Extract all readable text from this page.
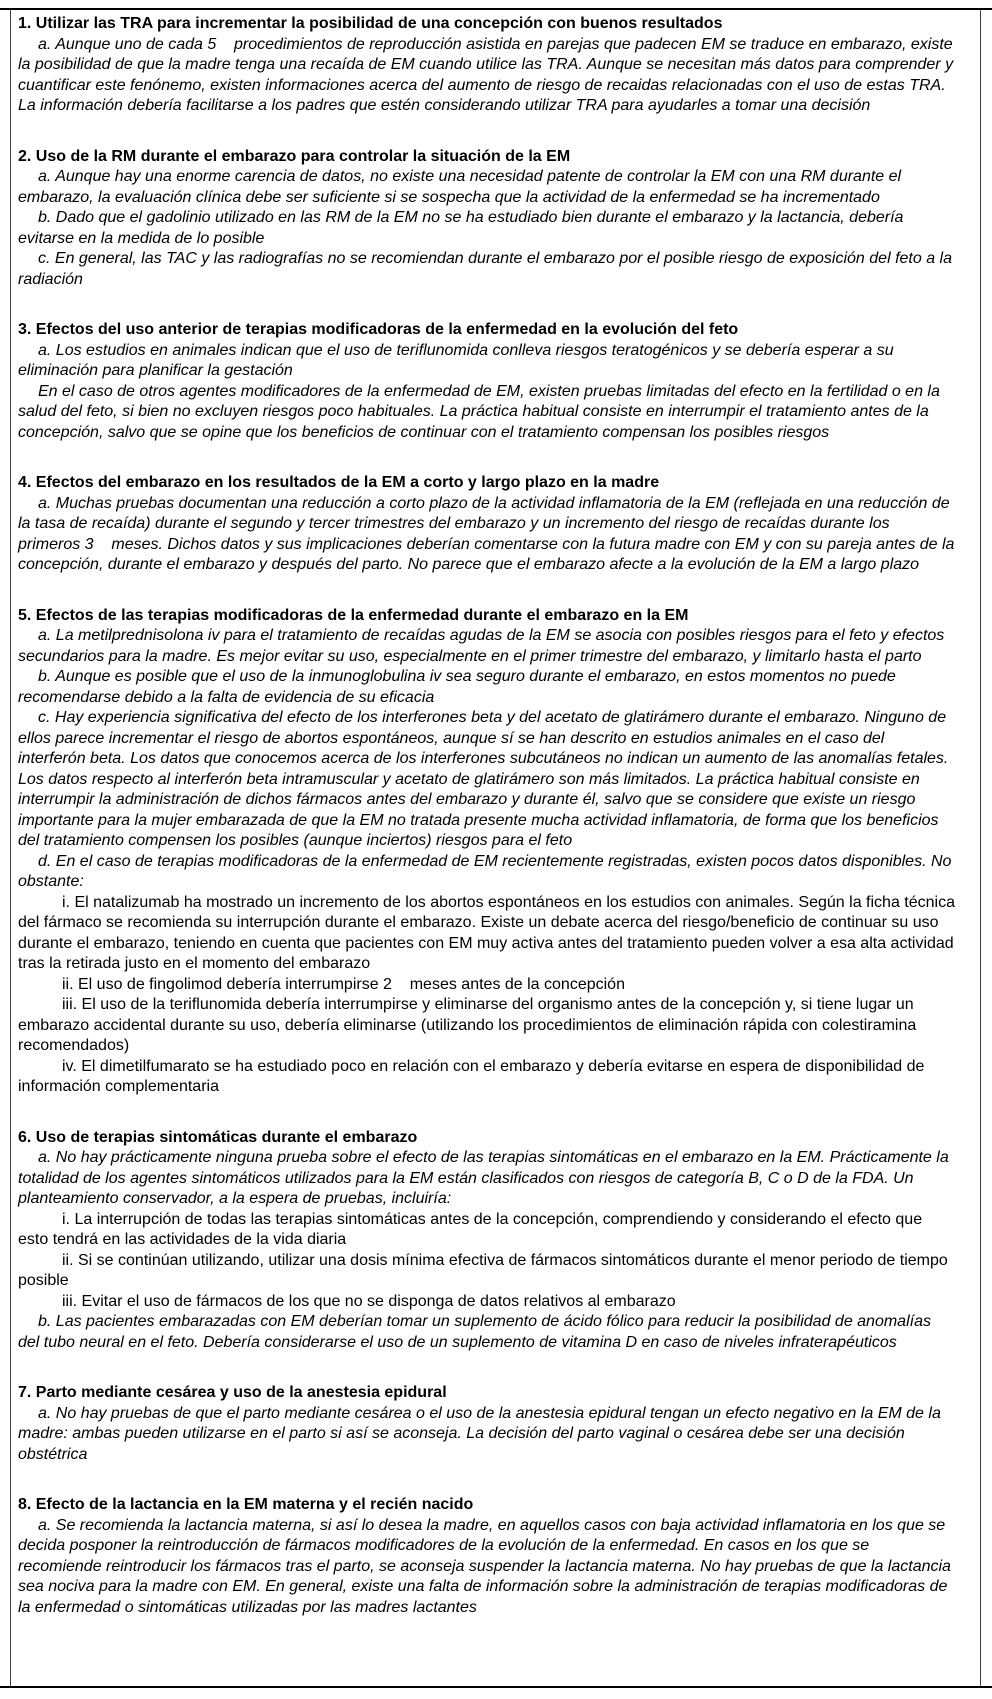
1. Utilizar las TRA para incrementar la posibilidad de una concepción con buenos resultados

a. Aunque uno de cada 5    procedimientos de reproducción asistida en parejas que padecen EM se traduce en embarazo, existe la posibilidad de que la madre tenga una recaída de EM cuando utilice las TRA. Aunque se necesitan más datos para comprender y cuantificar este fenónemo, existen informaciones acerca del aumento de riesgo de recaidas relacionadas con el uso de estas TRA. La información debería facilitarse a los padres que estén considerando utilizar TRA para ayudarles a tomar una decisión

2. Uso de la RM durante el embarazo para controlar la situación de la EM

a. Aunque hay una enorme carencia de datos, no existe una necesidad patente de controlar la EM con una RM durante el embarazo, la evaluación clínica debe ser suficiente si se sospecha que la actividad de la enfermedad se ha incrementado

b. Dado que el gadolinio utilizado en las RM de la EM no se ha estudiado bien durante el embarazo y la lactancia, debería evitarse en la medida de lo posible

c. En general, las TAC y las radiografías no se recomiendan durante el embarazo por el posible riesgo de exposición del feto a la radiación

3. Efectos del uso anterior de terapias modificadoras de la enfermedad en la evolución del feto

a. Los estudios en animales indican que el uso de teriflunomida conlleva riesgos teratogénicos y se debería esperar a su eliminación para planificar la gestación

En el caso de otros agentes modificadores de la enfermedad de EM, existen pruebas limitadas del efecto en la fertilidad o en la salud del feto, si bien no excluyen riesgos poco habituales. La práctica habitual consiste en interrumpir el tratamiento antes de la concepción, salvo que se opine que los beneficios de continuar con el tratamiento compensan los posibles riesgos

4. Efectos del embarazo en los resultados de la EM a corto y largo plazo en la madre

a. Muchas pruebas documentan una reducción a corto plazo de la actividad inflamatoria de la EM (reflejada en una reducción de la tasa de recaída) durante el segundo y tercer trimestres del embarazo y un incremento del riesgo de recaídas durante los primeros 3    meses. Dichos datos y sus implicaciones deberían comentarse con la futura madre con EM y con su pareja antes de la concepción, durante el embarazo y después del parto. No parece que el embarazo afecte a la evolución de la EM a largo plazo

5. Efectos de las terapias modificadoras de la enfermedad durante el embarazo en la EM

a. La metilprednisolona iv para el tratamiento de recaídas agudas de la EM se asocia con posibles riesgos para el feto y efectos secundarios para la madre. Es mejor evitar su uso, especialmente en el primer trimestre del embarazo, y limitarlo hasta el parto

b. Aunque es posible que el uso de la inmunoglobulina iv sea seguro durante el embarazo, en estos momentos no puede recomendarse debido a la falta de evidencia de su eficacia

c. Hay experiencia significativa del efecto de los interferones beta y del acetato de glatirámero durante el embarazo. Ninguno de ellos parece incrementar el riesgo de abortos espontáneos, aunque sí se han descrito en estudios animales en el caso del interferón beta. Los datos que conocemos acerca de los interferones subcutáneos no indican un aumento de las anomalías fetales. Los datos respecto al interferón beta intramuscular y acetato de glatirámero son más limitados. La práctica habitual consiste en interrumpir la administración de dichos fármacos antes del embarazo y durante él, salvo que se considere que existe un riesgo importante para la mujer embarazada de que la EM no tratada presente mucha actividad inflamatoria, de forma que los beneficios del tratamiento compensen los posibles (aunque inciertos) riesgos para el feto

d. En el caso de terapias modificadoras de la enfermedad de EM recientemente registradas, existen pocos datos disponibles. No obstante:

i. El natalizumab ha mostrado un incremento de los abortos espontáneos en los estudios con animales. Según la ficha técnica del fármaco se recomienda su interrupción durante el embarazo. Existe un debate acerca del riesgo/beneficio de continuar su uso durante el embarazo, teniendo en cuenta que pacientes con EM muy activa antes del tratamiento pueden volver a esa alta actividad tras la retirada justo en el momento del embarazo

ii. El uso de fingolimod debería interrumpirse 2    meses antes de la concepción

iii. El uso de la teriflunomida debería interrumpirse y eliminarse del organismo antes de la concepción y, si tiene lugar un embarazo accidental durante su uso, debería eliminarse (utilizando los procedimientos de eliminación rápida con colestiramina recomendados)

iv. El dimetilfumarato se ha estudiado poco en relación con el embarazo y debería evitarse en espera de disponibilidad de información complementaria

6. Uso de terapias sintomáticas durante el embarazo

a. No hay prácticamente ninguna prueba sobre el efecto de las terapias sintomáticas en el embarazo en la EM. Prácticamente la totalidad de los agentes sintomáticos utilizados para la EM están clasificados con riesgos de categoría B, C o D de la FDA. Un planteamiento conservador, a la espera de pruebas, incluiría:

i. La interrupción de todas las terapias sintomáticas antes de la concepción, comprendiendo y considerando el efecto que esto tendrá en las actividades de la vida diaria

ii. Si se continúan utilizando, utilizar una dosis mínima efectiva de fármacos sintomáticos durante el menor periodo de tiempo posible

iii. Evitar el uso de fármacos de los que no se disponga de datos relativos al embarazo

b. Las pacientes embarazadas con EM deberían tomar un suplemento de ácido fólico para reducir la posibilidad de anomalías del tubo neural en el feto. Debería considerarse el uso de un suplemento de vitamina D en caso de niveles infraterapéuticos

7. Parto mediante cesárea y uso de la anestesia epidural

a. No hay pruebas de que el parto mediante cesárea o el uso de la anestesia epidural tengan un efecto negativo en la EM de la madre: ambas pueden utilizarse en el parto si así se aconseja. La decisión del parto vaginal o cesárea debe ser una decisión obstétrica

8. Efecto de la lactancia en la EM materna y el recién nacido

a. Se recomienda la lactancia materna, si así lo desea la madre, en aquellos casos con baja actividad inflamatoria en los que se decida posponer la reintroducción de fármacos modificadores de la evolución de la enfermedad. En casos en los que se recomiende reintroducir los fármacos tras el parto, se aconseja suspender la lactancia materna. No hay pruebas de que la lactancia sea nociva para la madre con EM. En general, existe una falta de información sobre la administración de terapias modificadoras de la enfermedad o sintomáticas utilizadas por las madres lactantes
